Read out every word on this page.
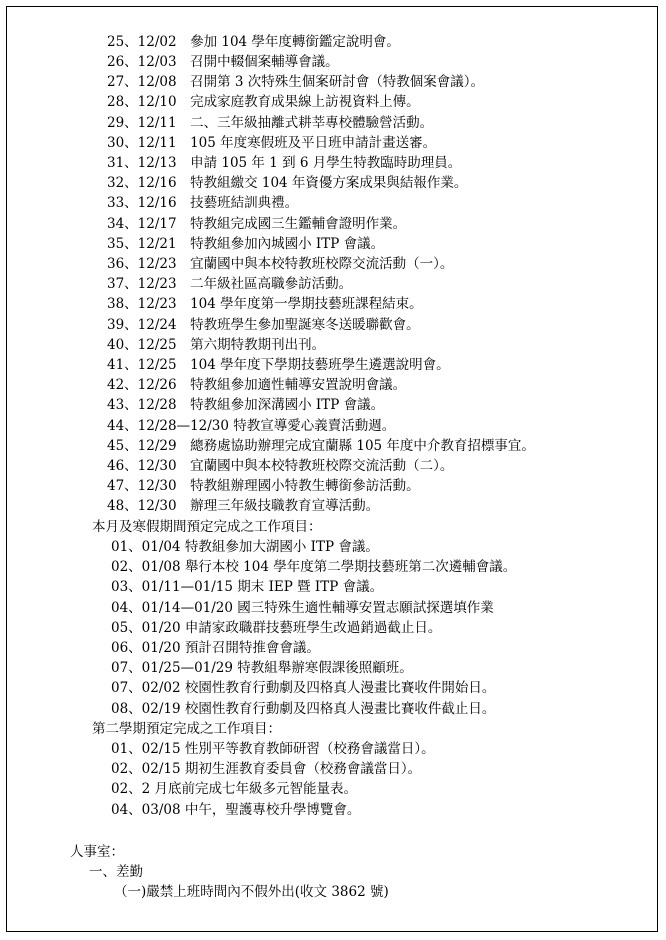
25、12/02　參加 104 學年度轉銜鑑定說明會。
26、12/03　召開中輟個案輔導會議。
27、12/08　召開第 3 次特殊生個案研討會（特教個案會議）。
28、12/10　完成家庭教育成果線上訪視資料上傳。
29、12/11　二、三年級抽離式耕莘專校體驗營活動。
30、12/11　105 年度寒假班及平日班申請計畫送審。
31、12/13　申請 105 年 1 到 6 月學生特教臨時助理員。
32、12/16　特教組繳交 104 年資優方案成果與結報作業。
33、12/16　技藝班結訓典禮。
34、12/17　特教組完成國三生鑑輔會證明作業。
35、12/21　特教組參加內城國小 ITP 會議。
36、12/23　宜蘭國中與本校特教班校際交流活動（一）。
37、12/23　二年級社區高職參訪活動。
38、12/23　104 學年度第一學期技藝班課程結束。
39、12/24　特教班學生參加聖誕寒冬送暖聯歡會。
40、12/25　第六期特教期刊出刊。
41、12/25　104 學年度下學期技藝班學生遴選說明會。
42、12/26　特教組參加適性輔導安置說明會議。
43、12/28　特教組參加深溝國小 ITP 會議。
44、12/28—12/30 特教宣導愛心義賣活動週。
45、12/29　總務處協助辦理完成宜蘭縣 105 年度中介教育招標事宜。
46、12/30　宜蘭國中與本校特教班校際交流活動（二）。
47、12/30　特教組辦理國小特教生轉銜參訪活動。
48、12/30　辦理三年級技職教育宣導活動。
本月及寒假期間預定完成之工作項目：
01、01/04 特教組參加大湖國小 ITP 會議。
02、01/08 舉行本校 104 學年度第二學期技藝班第二次遴輔會議。
03、01/11—01/15 期末 IEP 暨 ITP 會議。
04、01/14—01/20 國三特殊生適性輔導安置志願試探選填作業
05、01/20 申請家政職群技藝班學生改過銷過截止日。
06、01/20 預計召開特推會會議。
07、01/25—01/29 特教組舉辦寒假課後照顧班。
07、02/02 校園性教育行動劇及四格真人漫畫比賽收件開始日。
08、02/19 校園性教育行動劇及四格真人漫畫比賽收件截止日。
第二學期預定完成之工作項目：
01、02/15 性別平等教育教師研習（校務會議當日）。
02、02/15 期初生涯教育委員會（校務會議當日）。
02、2 月底前完成七年級多元智能量表。
04、03/08 中午，聖護專校升學博覽會。
人事室：
一、差勤
（一)嚴禁上班時間內不假外出(收文 3862 號)
